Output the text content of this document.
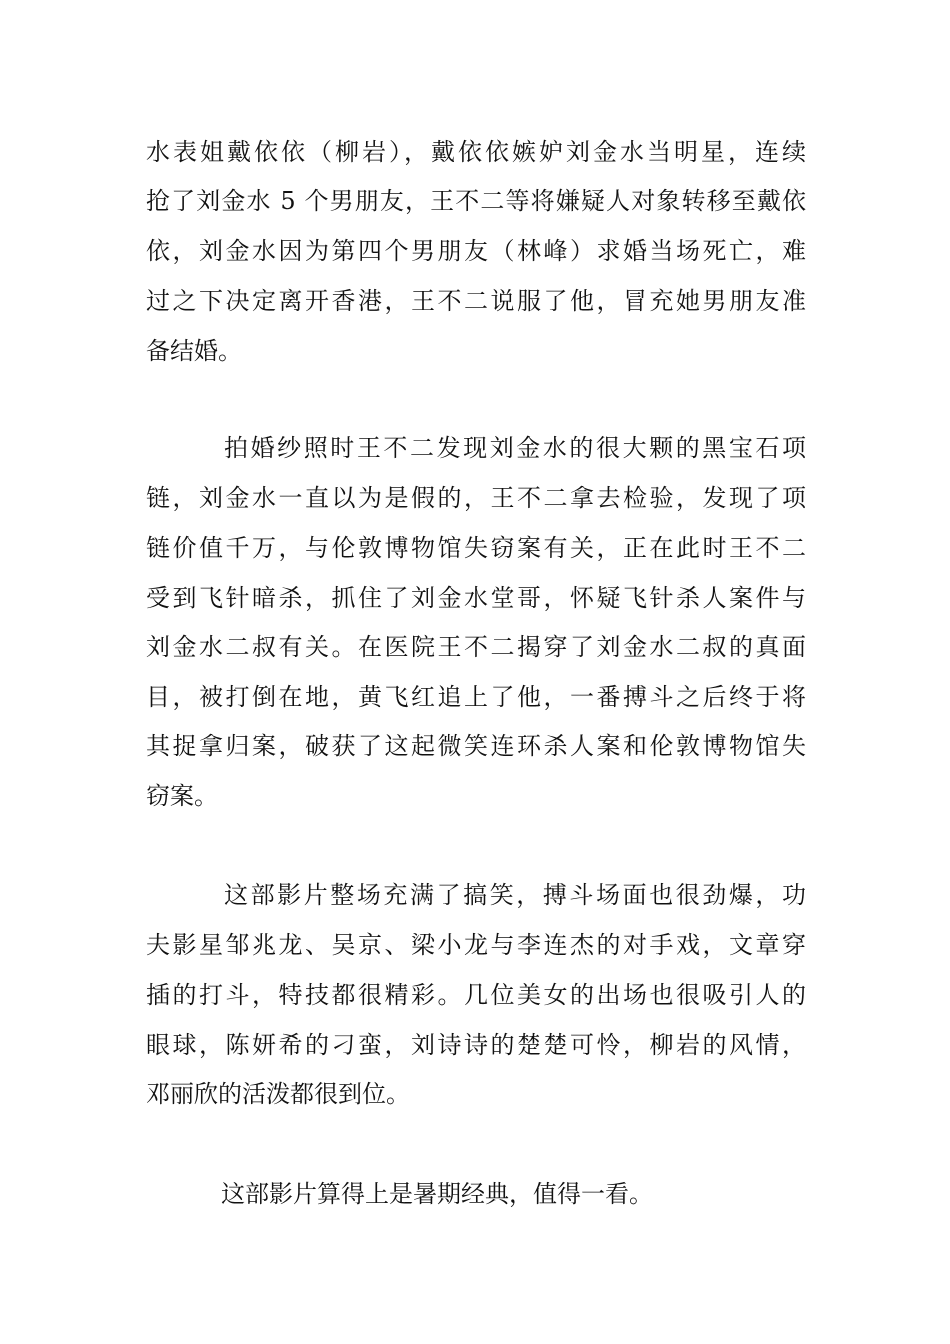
水表姐戴依依（柳岩），戴依依嫉妒刘金水当明星，连续

抢了刘金水 5 个男朋友，王不二等将嫌疑人对象转移至戴依

依，刘金水因为第四个男朋友（林峰）求婚当场死亡，难

过之下决定离开香港，王不二说服了他，冒充她男朋友准

备结婚。

拍婚纱照时王不二发现刘金水的很大颗的黑宝石项

链，刘金水一直以为是假的，王不二拿去检验，发现了项

链价值千万，与伦敦博物馆失窃案有关，正在此时王不二

受到飞针暗杀，抓住了刘金水堂哥，怀疑飞针杀人案件与

刘金水二叔有关。在医院王不二揭穿了刘金水二叔的真面

目，被打倒在地，黄飞红追上了他，一番搏斗之后终于将

其捉拿归案，破获了这起微笑连环杀人案和伦敦博物馆失

窃案。

这部影片整场充满了搞笑，搏斗场面也很劲爆，功

夫影星邹兆龙、吴京、梁小龙与李连杰的对手戏，文章穿

插的打斗，特技都很精彩。几位美女的出场也很吸引人的

眼球，陈妍希的刁蛮，刘诗诗的楚楚可怜，柳岩的风情，

邓丽欣的活泼都很到位。

这部影片算得上是暑期经典，值得一看。
